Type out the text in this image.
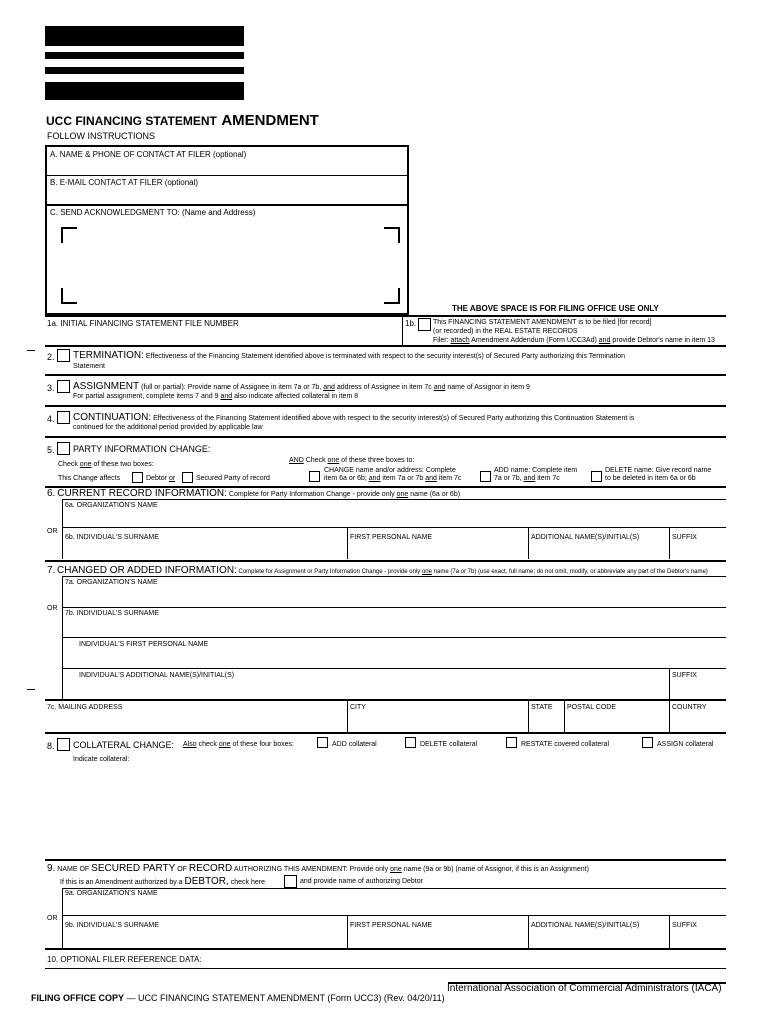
UCC FINANCING STATEMENT AMENDMENT
FOLLOW INSTRUCTIONS
A. NAME & PHONE OF CONTACT AT FILER (optional)
B. E-MAIL CONTACT AT FILER (optional)
C. SEND ACKNOWLEDGMENT TO: (Name and Address)
THE ABOVE SPACE IS FOR FILING OFFICE USE ONLY
1a. INITIAL FINANCING STATEMENT FILE NUMBER	1b. This FINANCING STATEMENT AMENDMENT is to be filed [for record]
(or recorded) in the REAL ESTATE RECORDS
Filer: attach Amendment Addendum (Form UCC3Ad) and provide Debtor's name in item 13
2. TERMINATION: Effectiveness of the Financing Statement identified above is terminated with respect to the security interest(s) of Secured Party authorizing this Termination
Statement
3. ASSIGNMENT (full or partial): Provide name of Assignee in item 7a or 7b, and address of Assignee in item 7c and name of Assignor in item 9
For partial assignment, complete items 7 and 9 and also indicate affected collateral in item 8
4. CONTINUATION: Effectiveness of the Financing Statement identified above with respect to the security interest(s) of Secured Party authorizing this Continuation Statement is
continued for the additional period provided by applicable law
5. PARTY INFORMATION CHANGE:
Check one of these two boxes:
This Change affects	Debtor or	Secured Party of record
AND Check one of these three boxes to:
CHANGE name and/or address: Complete
item 6a or 6b; and item 7a or 7b and item 7c
ADD name: Complete item
7a or 7b, and item 7c
DELETE name: Give record name
to be deleted in item 6a or 6b
6. CURRENT RECORD INFORMATION: Complete for Party Information Change - provide only one name (6a or 6b)
6a. ORGANIZATION'S NAME
OR
6b. INDIVIDUAL'S SURNAME	FIRST PERSONAL NAME	ADDITIONAL NAME(S)/INITIAL(S)	SUFFIX
7. CHANGED OR ADDED INFORMATION: Complete for Assignment or Party Information Change - provide only one name (7a or 7b) (use exact, full name; do not omit, modify, or abbreviate any part of the Debtor's name)
7a. ORGANIZATION'S NAME
OR
7b. INDIVIDUAL'S SURNAME
INDIVIDUAL'S FIRST PERSONAL NAME
INDIVIDUAL'S ADDITIONAL NAME(S)/INITIAL(S)	SUFFIX
7c. MAILING ADDRESS	CITY	STATE POSTAL CODE	COUNTRY
8. COLLATERAL CHANGE: Also check one of these four boxes:	ADD collateral	DELETE collateral	RESTATE covered collateral	ASSIGN collateral
Indicate collateral:
9. NAME OF SECURED PARTY OF RECORD AUTHORIZING THIS AMENDMENT: Provide only one name (9a or 9b) (name of Assignor, if this is an Assignment)
If this is an Amendment authorized by a DEBTOR, check here	and provide name of authorizing Debtor
9a. ORGANIZATION'S NAME
OR
9b. INDIVIDUAL'S SURNAME	FIRST PERSONAL NAME	ADDITIONAL NAME(S)/INITIAL(S)	SUFFIX
10. OPTIONAL FILER REFERENCE DATA:
International Association of Commercial Administrators (IACA)
FILING OFFICE COPY — UCC FINANCING STATEMENT AMENDMENT (Form UCC3) (Rev. 04/20/11)
